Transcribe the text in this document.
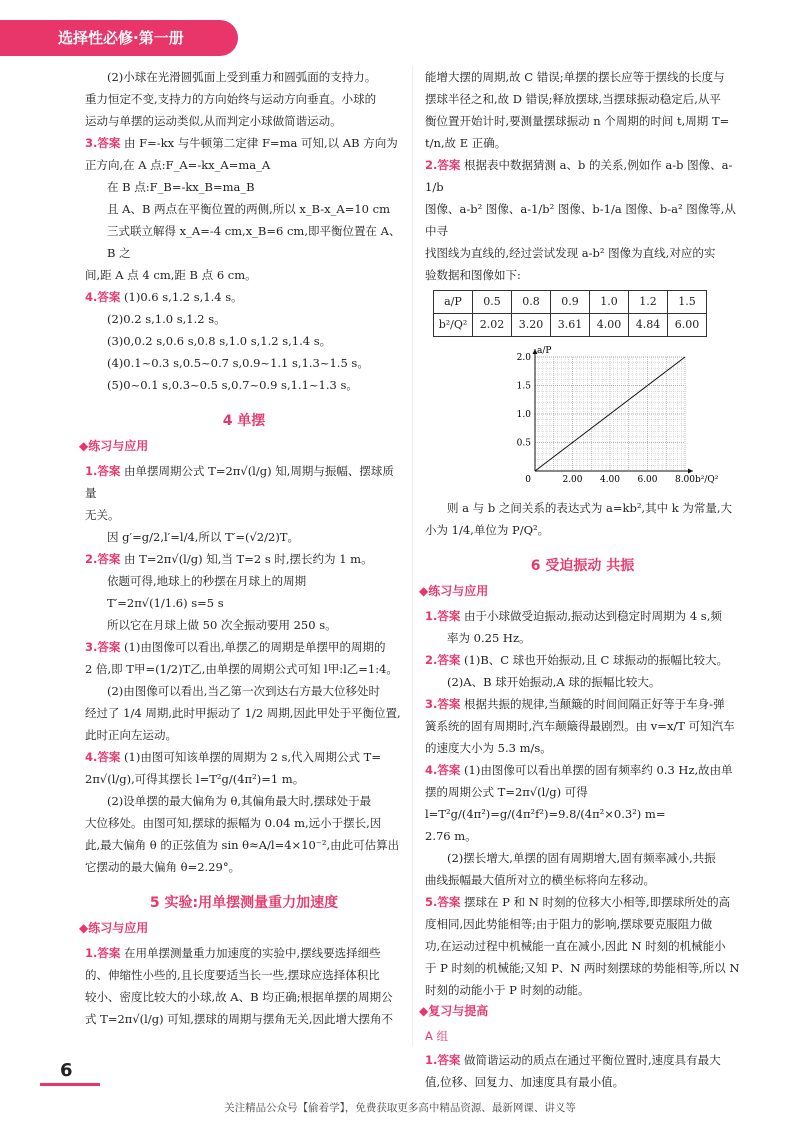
选择性必修·第一册

(2)小球在光滑圆弧面上受到重力和圆弧面的支持力。

重力恒定不变,支持力的方向始终与运动方向垂直。小球的

运动与单摆的运动类似,从而判定小球做简谐运动。

3.答案 由 F=-kx 与牛顿第二定律 F=ma 可知,以 AB 方向为

正方向,在 A 点:F_A=-kx_A=ma_A

在 B 点:F_B=-kx_B=ma_B

且 A、B 两点在平衡位置的两侧,所以 x_B-x_A=10 cm

三式联立解得 x_A=-4 cm,x_B=6 cm,即平衡位置在 A、B 之

间,距 A 点 4 cm,距 B 点 6 cm。

4.答案 (1)0.6 s,1.2 s,1.4 s。

(2)0.2 s,1.0 s,1.2 s。

(3)0,0.2 s,0.6 s,0.8 s,1.0 s,1.2 s,1.4 s。

(4)0.1~0.3 s,0.5~0.7 s,0.9~1.1 s,1.3~1.5 s。

(5)0~0.1 s,0.3~0.5 s,0.7~0.9 s,1.1~1.3 s。

4 单摆
◆练习与应用

1.答案 由单摆周期公式 T=2π√(l/g) 知,周期与振幅、摆球质量

无关。

因 g′=g/2,l′=l/4,所以 T′=(√2/2)T。

2.答案 由 T=2π√(l/g) 知,当 T=2 s 时,摆长约为 1 m。

依题可得,地球上的秒摆在月球上的周期

T′=2π√(1/1.6) s=5 s

所以它在月球上做 50 次全振动要用 250 s。

3.答案 (1)由图像可以看出,单摆乙的周期是单摆甲的周期的

2 倍,即 T甲=(1/2)T乙,由单摆的周期公式可知 l甲:l乙=1:4。

(2)由图像可以看出,当乙第一次到达右方最大位移处时

经过了 1/4 周期,此时甲振动了 1/2 周期,因此甲处于平衡位置,

此时正向左运动。

4.答案 (1)由图可知该单摆的周期为 2 s,代入周期公式 T=

2π√(l/g),可得其摆长 l=T²g/(4π²)=1 m。

(2)设单摆的最大偏角为 θ,其偏角最大时,摆球处于最

大位移处。由图可知,摆球的振幅为 0.04 m,远小于摆长,因

此,最大偏角 θ 的正弦值为 sin θ≈A/l=4×10⁻²,由此可估算出

它摆动的最大偏角 θ=2.29°。

5 实验:用单摆测量重力加速度
◆练习与应用

1.答案 在用单摆测量重力加速度的实验中,摆线要选择细些

的、伸缩性小些的,且长度要适当长一些,摆球应选择体积比

较小、密度比较大的小球,故 A、B 均正确;根据单摆的周期公

式 T=2π√(l/g) 可知,摆球的周期与摆角无关,因此增大摆角不

能增大摆的周期,故 C 错误;单摆的摆长应等于摆线的长度与

摆球半径之和,故 D 错误;释放摆球,当摆球振动稳定后,从平

衡位置开始计时,要测量摆球振动 n 个周期的时间 t,周期 T=

t/n,故 E 正确。

2.答案 根据表中数据猜测 a、b 的关系,例如作 a-b 图像、a-1/b

图像、a-b² 图像、a-1/b² 图像、b-1/a 图像、b-a² 图像等,从中寻

找图线为直线的,经过尝试发现 a-b² 图像为直线,对应的实

验数据和图像如下:

a/P	0.5	0.8	0.9	1.0	1.2	1.5
b²/Q²	2.02	3.20	3.61	4.00	4.84	6.00
2.00 4.00 6.00 8.00
0.5
1.0
1.5
2.0
0	b²/Q²
a/P

则 a 与 b 之间关系的表达式为 a=kb²,其中 k 为常量,大

小为 1/4,单位为 P/Q²。

6 受迫振动 共振
◆练习与应用

1.答案 由于小球做受迫振动,振动达到稳定时周期为 4 s,频

率为 0.25 Hz。

2.答案 (1)B、C 球也开始振动,且 C 球振动的振幅比较大。

(2)A、B 球开始振动,A 球的振幅比较大。

3.答案 根据共振的规律,当颠簸的时间间隔正好等于车身-弹

簧系统的固有周期时,汽车颠簸得最剧烈。由 v=x/T 可知汽车

的速度大小为 5.3 m/s。

4.答案 (1)由图像可以看出单摆的固有频率约 0.3 Hz,故由单

摆的周期公式 T=2π√(l/g) 可得 l=T²g/(4π²)=g/(4π²f²)=9.8/(4π²×0.3²) m=

2.76 m。

(2)摆长增大,单摆的固有周期增大,固有频率减小,共振

曲线振幅最大值所对立的横坐标将向左移动。

5.答案 摆球在 P 和 N 时刻的位移大小相等,即摆球所处的高

度相同,因此势能相等;由于阻力的影响,摆球要克服阻力做

功,在运动过程中机械能一直在减小,因此 N 时刻的机械能小

于 P 时刻的机械能;又知 P、N 两时刻摆球的势能相等,所以 N

时刻的动能小于 P 时刻的动能。

◆复习与提高
A 组

1.答案 做简谐运动的质点在通过平衡位置时,速度具有最大

值,位移、回复力、加速度具有最小值。

6
关注精品公众号【偷着学】，免费获取更多高中精品资源、最新网课、讲义等
